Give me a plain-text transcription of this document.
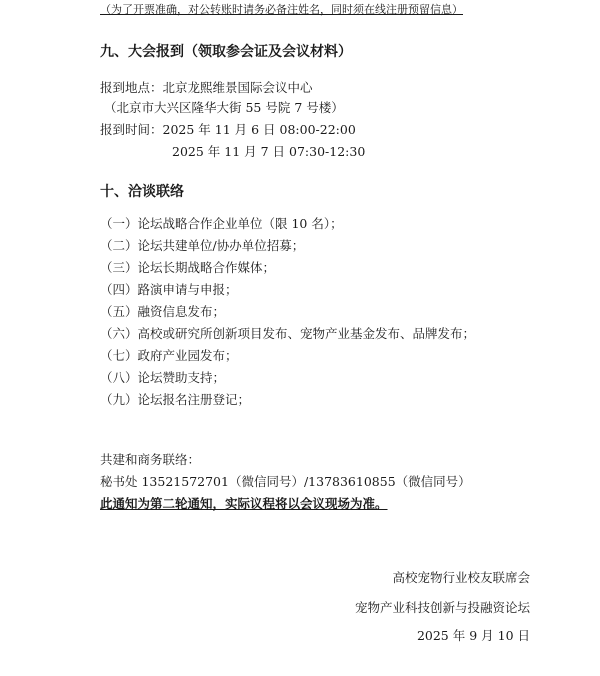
（为了开票准确，对公转账时请务必备注姓名，同时须在线注册预留信息）
九、大会报到（领取参会证及会议材料）
报到地点：北京龙熙维景国际会议中心
（北京市大兴区隆华大街 55 号院 7 号楼）
报到时间：2025 年 11 月 6 日 08:00-22:00
2025 年 11 月 7 日 07:30-12:30
十、洽谈联络
（一）论坛战略合作企业单位（限 10 名）；
（二）论坛共建单位/协办单位招募；
（三）论坛长期战略合作媒体；
（四）路演申请与申报；
（五）融资信息发布；
（六）高校或研究所创新项目发布、宠物产业基金发布、品牌发布；
（七）政府产业园发布；
（八）论坛赞助支持；
（九）论坛报名注册登记；
共建和商务联络：
秘书处 13521572701（微信同号）/13783610855（微信同号）
此通知为第二轮通知，实际议程将以会议现场为准。
高校宠物行业校友联席会
宠物产业科技创新与投融资论坛
2025 年 9 月 10 日
